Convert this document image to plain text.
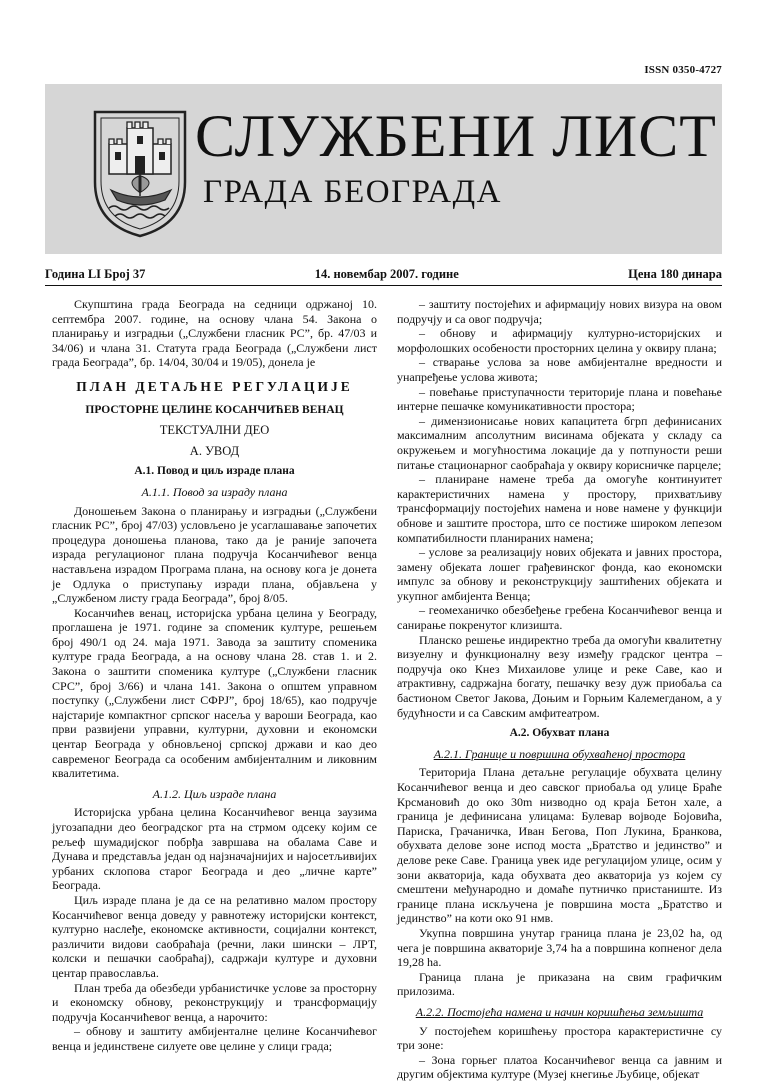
ISSN 0350-4727
СЛУЖБЕНИ ЛИСТ
ГРАДА БЕОГРАДА
Година LI Број 37	14. новембар 2007. године	Цена 180 динара

Скупштина града Београда на седници одржаној 10. септембра 2007. године, на основу члана 54. Закона о планирању и изградњи („Службени гласник РС”, бр. 47/03 и 34/06) и члана 31. Статута града Београда („Службени лист града Београда”, бр. 14/04, 30/04 и 19/05), донела је

ПЛАН ДЕТАЉНЕ РЕГУЛАЦИЈЕ
ПРОСТОРНЕ ЦЕЛИНЕ КОСАНЧИЋЕВ ВЕНАЦ
ТЕКСТУАЛНИ ДЕО
А. УВОД
А.1. Повод и циљ израде плана
А.1.1. Повод за израду плана

Доношењем Закона о планирању и изградњи („Службени гласник РС”, број 47/03) условљено је усаглашавање започетих процедура доношења планова, тако да је раније започета израда регулационог плана подручја Косанчићевог венца настављена израдом Програма плана, на основу кога је донета је Одлука о приступању изради плана, објављена у „Службеном листу града Београда”, број 8/05.

Косанчићев венац, историјска урбана целина у Београду, проглашена је 1971. године за споменик културе, решењем број 490/1 од 24. маја 1971. Завода за заштиту споменика културе града Београда, а на основу члана 28. став 1. и 2. Закона о заштити споменика културе („Службени гласник СРС”, број 3/66) и члана 141. Закона о општем управном поступку („Службени лист СФРЈ”, број 18/65), као подручје најстарије компактног српског насеља у вароши Београда, као први развијени управни, културни, духовни и економски центар Београда у обновљеној српској држави и као део савременог Београда са особеним амбијенталним и ликовним квалитетима.

А.1.2. Циљ израде плана

Историјска урбана целина Косанчићевог венца заузима југозападни део београдског рта на стрмом одсеку којим се рељеф шумадијског побрђа завршава на обалама Саве и Дунава и представља један од најзначајнијих и најосетљивијих урбаних склопова старог Београда и део „личне карте” Београда.

Циљ израде плана је да се на релативно малом простору Косанчићевог венца доведу у равнотежу историјски контекст, културно наслеђе, економске активности, социјални контекст, различити видови саобраћаја (речни, лаки шински – ЛРТ, колски и пешачки саобраћај), садржаји културе и духовни центар православља.

План треба да обезбеди урбанистичке услове за просторну и економску обнову, реконструкцију и трансформацију подручја Косанчићевог венца, а нарочито:

– обнову и заштиту амбијенталне целине Косанчићевог венца и јединствене силуете ове целине у слици града;

– заштиту постојећих и афирмацију нових визура на овом подручју и са овог подручја;

– обнову и афирмацију културно-историјских и морфолошких особености просторних целина у оквиру плана;

– стварање услова за нове амбијенталне вредности и унапређење услова живота;

– повећање приступачности територије плана и повећање интерне пешачке комуникативности простора;

– димензионисање нових капацитета бгрп дефинисаних максималним апсолутним висинама објеката у складу са окружењем и могућностима локације да у потпуности реши питање стационарног саобраћаја у оквиру корисничке парцеле;

– планиране намене треба да омогуће континуитет карактеристичних намена у простору, прихватљиву трансформацију постојећих намена и нове намене у функцији обнове и заштите простора, што се постиже широком лепезом компатибилности планираних намена;

– услове за реализацију нових објеката и јавних простора, замену објеката лошег грађевинског фонда, као економски импулс за обнову и реконструкцију заштићених објеката и укупног амбијента Венца;

– геомеханичко обезбеђење гребена Косанчићевог венца и санирање покренутог клизишта.

Планско решење индиректно треба да омогући квалитетну визуелну и функционалну везу између градског центра – подручја око Кнез Михаилове улице и реке Саве, као и атрактивну, садржајна богату, пешачку везу дуж приобаља са бастионом Светог Јакова, Доњим и Горњим Калемегданом, а у будућности и са Савским амфитеатром.

А.2. Обухват плана
А.2.1. Границе и површина обухваћеној простора

Територија Плана детаљне регулације обухвата целину Косанчићевог венца и део савског приобаља од улице Браће Крсмановић до око 30m низводно од краја Бетон хале, а граница је дефинисана улицама: Булевар војводе Бојовића, Париска, Грачаничка, Иван Бегова, Поп Лукина, Бранкова, обухвата делове зоне испод моста „Братство и јединство” и делове реке Саве. Граница увек иде регулацијом улице, осим у зони акваторија, када обухвата део акваторија уз којем су смештени међународно и домаће путничко пристаниште. Из границе плана искључена је површина моста „Братство и јединство” на коти око 91 нмв.

Укупна површина унутар граница плана је 23,02 ha, од чега је површина акваторије 3,74 ha а површина копненог дела 19,28 ha.

Граница плана је приказана на свим графичким прилозима.

А.2.2. Постојећа намена и начин коришћења земљишта

У постојећем коришћењу простора карактеристичне су три зоне:

– Зона горњег платоа Косанчићевог венца са јавним и другим објектима културе (Музеј кнегиње Љубице, објекат
